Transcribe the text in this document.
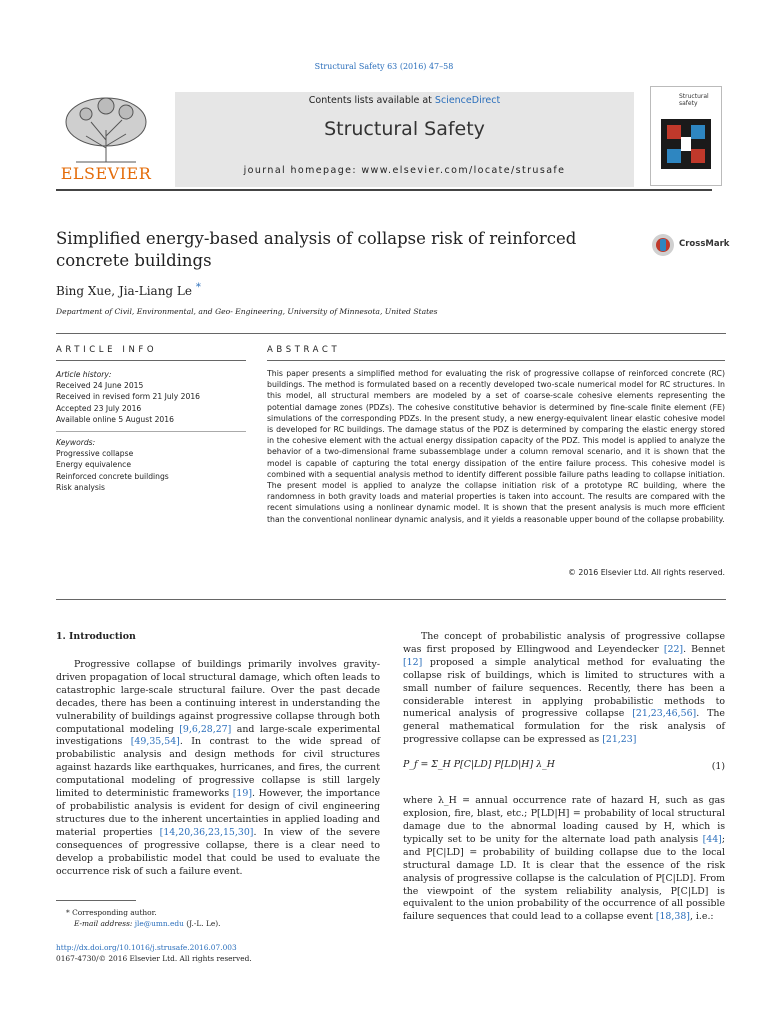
Structural Safety 63 (2016) 47–58
ELSEVIER
Contents lists available at ScienceDirect
Structural Safety
journal homepage: www.elsevier.com/locate/strusafe
Structural safety
Simplified energy-based analysis of collapse risk of reinforced concrete buildings
CrossMark
Bing Xue, Jia-Liang Le *
Department of Civil, Environmental, and Geo- Engineering, University of Minnesota, United States
ARTICLE INFO
Article history:
Received 24 June 2015
Received in revised form 21 July 2016
Accepted 23 July 2016
Available online 5 August 2016
Keywords:
Progressive collapse
Energy equivalence
Reinforced concrete buildings
Risk analysis
ABSTRACT
This paper presents a simplified method for evaluating the risk of progressive collapse of reinforced concrete (RC) buildings. The method is formulated based on a recently developed two-scale numerical model for RC structures. In this model, all structural members are modeled by a set of coarse-scale cohesive elements representing the potential damage zones (PDZs). The cohesive constitutive behavior is determined by fine-scale finite element (FE) simulations of the corresponding PDZs. In the present study, a new energy-equivalent linear elastic cohesive model is developed for RC buildings. The damage status of the PDZ is determined by comparing the elastic energy stored in the cohesive element with the actual energy dissipation capacity of the PDZ. This model is applied to analyze the behavior of a two-dimensional frame subassemblage under a column removal scenario, and it is shown that the model is capable of capturing the total energy dissipation of the entire failure process. This cohesive model is combined with a sequential analysis method to identify different possible failure paths leading to collapse initiation. The present model is applied to analyze the collapse initiation risk of a prototype RC building, where the randomness in both gravity loads and material properties is taken into account. The results are compared with the recent simulations using a nonlinear dynamic model. It is shown that the present analysis is much more efficient than the conventional nonlinear dynamic analysis, and it yields a reasonable upper bound of the collapse probability.
© 2016 Elsevier Ltd. All rights reserved.
1. Introduction

Progressive collapse of buildings primarily involves gravity-driven propagation of local structural damage, which often leads to catastrophic large-scale structural failure. Over the past decade decades, there has been a continuing interest in understanding the vulnerability of buildings against progressive collapse through both computational modeling [9,6,28,27] and large-scale experimental investigations [49,35,54]. In contrast to the wide spread of probabilistic analysis and design methods for civil structures against hazards like earthquakes, hurricanes, and fires, the current computational modeling of progressive collapse is still largely limited to deterministic frameworks [19]. However, the importance of probabilistic analysis is evident for design of civil engineering structures due to the inherent uncertainties in applied loading and material properties [14,20,36,23,15,30]. In view of the severe consequences of progressive collapse, there is a clear need to develop a probabilistic model that could be used to evaluate the occurrence risk of such a failure event.

The concept of probabilistic analysis of progressive collapse was first proposed by Ellingwood and Leyendecker [22]. Bennet [12] proposed a simple analytical method for evaluating the collapse risk of buildings, which is limited to structures with a small number of failure sequences. Recently, there has been a considerable interest in applying probabilistic methods to numerical analysis of progressive collapse [21,23,46,56]. The general mathematical formulation for the risk analysis of progressive collapse can be expressed as [21,23]

P_f = Σ_H P[C|LD] P[LD|H] λ_H	(1)

where λ_H = annual occurrence rate of hazard H, such as gas explosion, fire, blast, etc.; P[LD|H] = probability of local structural damage due to the abnormal loading caused by H, which is typically set to be unity for the alternate load path analysis [44]; and P[C|LD] = probability of building collapse due to the local structural damage LD. It is clear that the essence of the risk analysis of progressive collapse is the calculation of P[C|LD]. From the viewpoint of the system reliability analysis, P[C|LD] is equivalent to the union probability of the occurrence of all possible failure sequences that could lead to a collapse event [18,38], i.e.:

* Corresponding author.
E-mail address: jle@umn.edu (J.-L. Le).
http://dx.doi.org/10.1016/j.strusafe.2016.07.003
0167-4730/© 2016 Elsevier Ltd. All rights reserved.
